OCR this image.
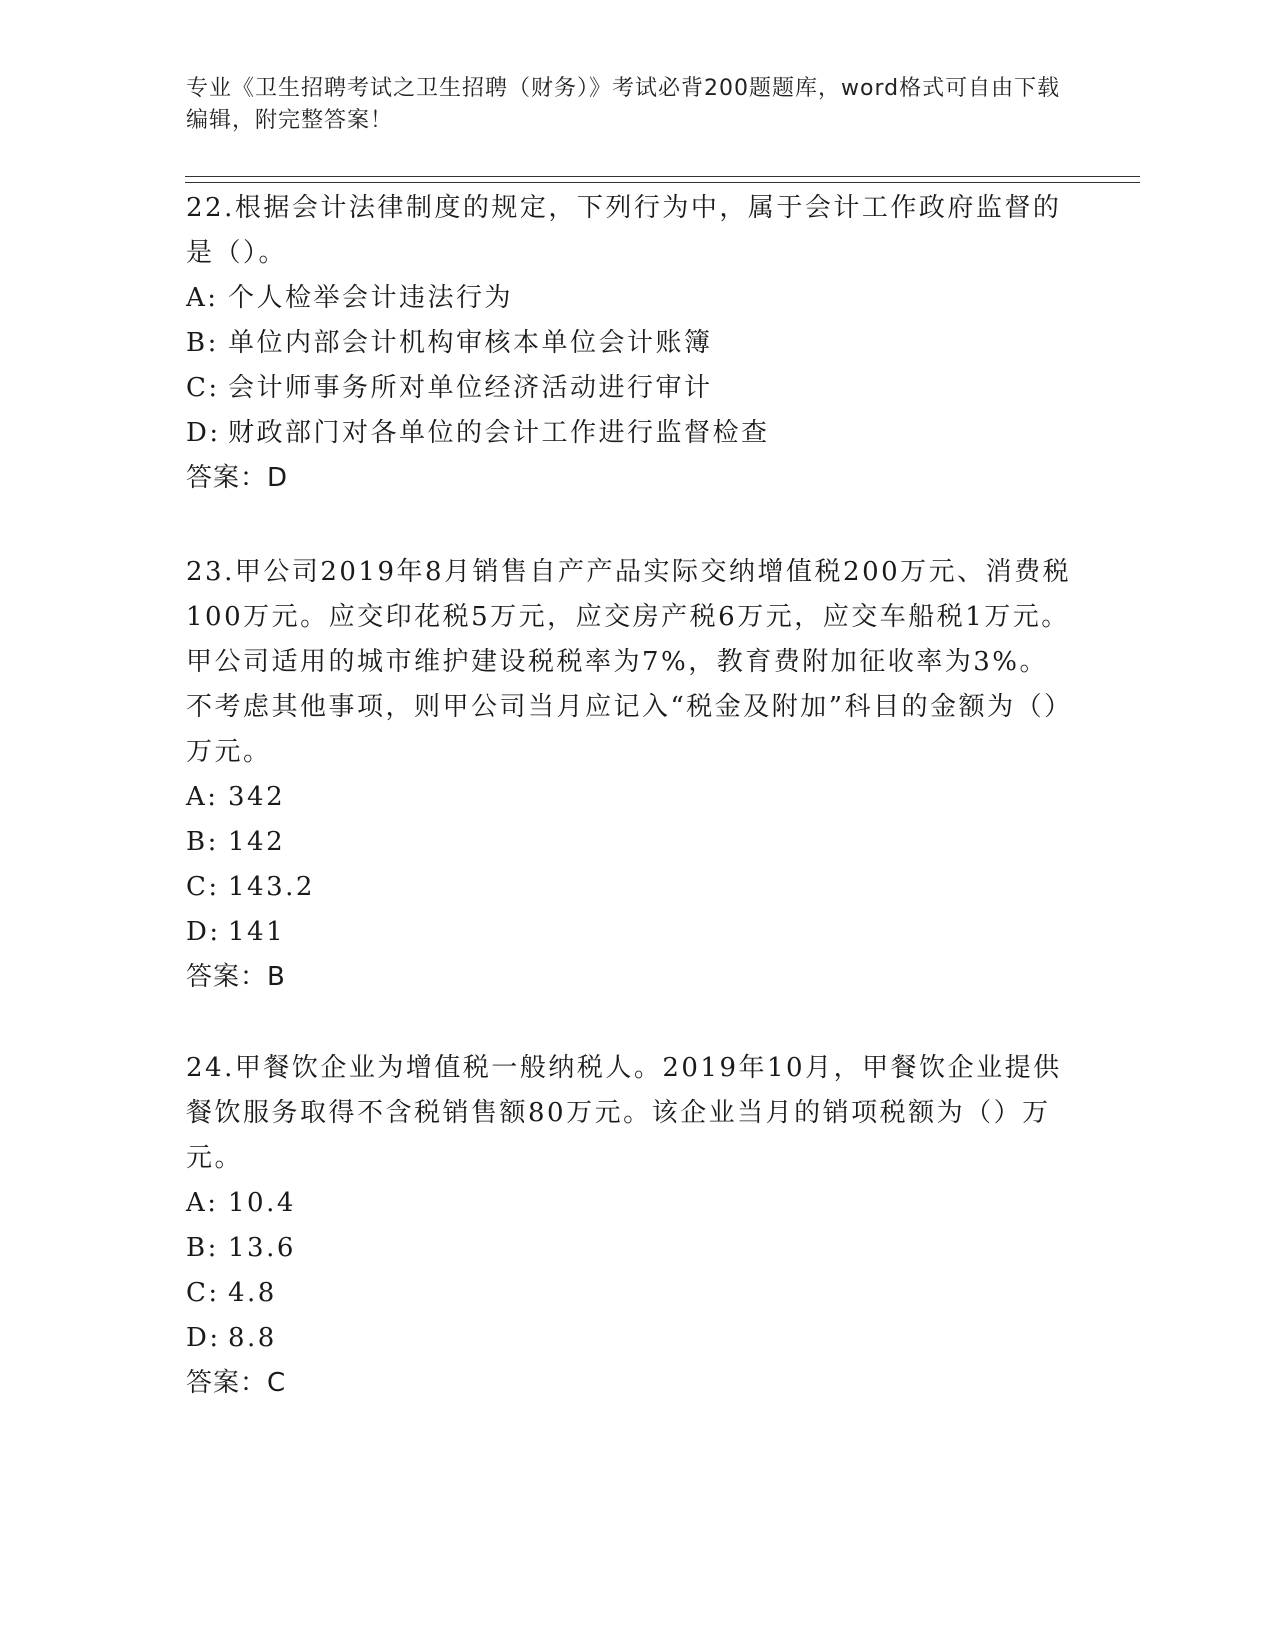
专业《卫生招聘考试之卫生招聘（财务）》考试必背200题题库，word格式可自由下载编辑，附完整答案！

22.根据会计法律制度的规定，下列行为中，属于会计工作政府监督的是（）。

A: 个人检举会计违法行为
B: 单位内部会计机构审核本单位会计账簿
C: 会计师事务所对单位经济活动进行审计
D: 财政部门对各单位的会计工作进行监督检查
答案： D

23.甲公司2019年8月销售自产产品实际交纳增值税200万元、消费税100万元。应交印花税5万元，应交房产税6万元，应交车船税1万元。甲公司适用的城市维护建设税税率为7%，教育费附加征收率为3%。不考虑其他事项，则甲公司当月应记入“税金及附加”科目的金额为（）万元。

A: 342
B: 142
C: 143.2
D: 141
答案： B

24.甲餐饮企业为增值税一般纳税人。2019年10月，甲餐饮企业提供餐饮服务取得不含税销售额80万元。该企业当月的销项税额为（）万元。

A: 10.4
B: 13.6
C: 4.8
D: 8.8
答案： C
